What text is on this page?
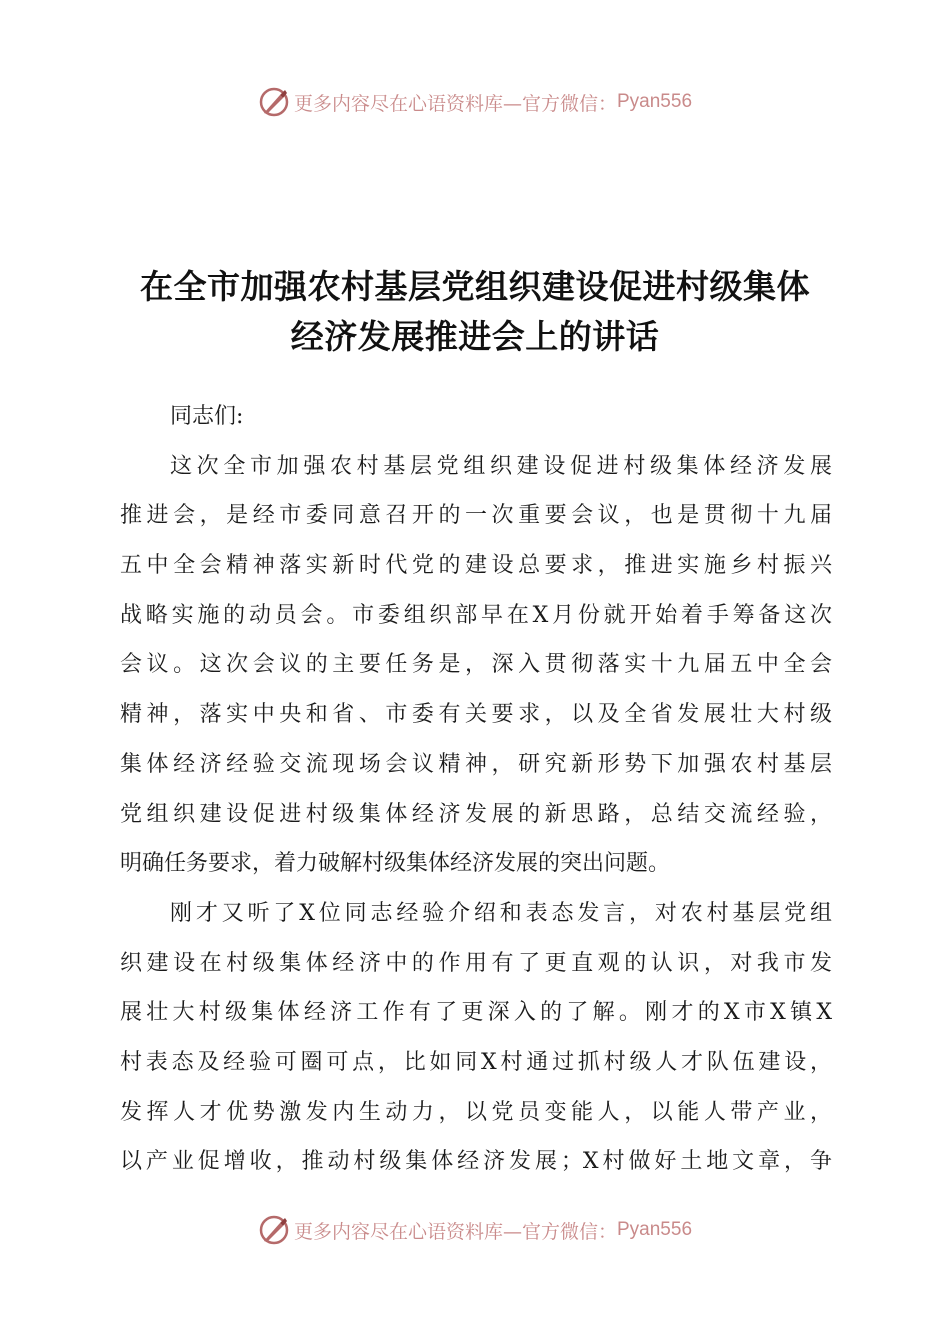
更多内容尽在心语资料库—官方微信： Pyan556
在全市加强农村基层党组织建设促进村级集体
经济发展推进会上的讲话
同志们:
这次全市加强农村基层党组织建设促进村级集体经济发展
推进会，是经市委同意召开的一次重要会议，也是贯彻十九届
五中全会精神落实新时代党的建设总要求，推进实施乡村振兴
战略实施的动员会。市委组织部早在X月份就开始着手筹备这次
会议。这次会议的主要任务是，深入贯彻落实十九届五中全会
精神，落实中央和省、市委有关要求，以及全省发展壮大村级
集体经济经验交流现场会议精神，研究新形势下加强农村基层
党组织建设促进村级集体经济发展的新思路，总结交流经验，
明确任务要求，着力破解村级集体经济发展的突出问题。
刚才又听了X位同志经验介绍和表态发言，对农村基层党组
织建设在村级集体经济中的作用有了更直观的认识，对我市发
展壮大村级集体经济工作有了更深入的了解。刚才的X市X镇X
村表态及经验可圈可点，比如同X村通过抓村级人才队伍建设，
发挥人才优势激发内生动力，以党员变能人，以能人带产业，
以产业促增收，推动村级集体经济发展；X村做好土地文章，争
更多内容尽在心语资料库—官方微信： Pyan556
